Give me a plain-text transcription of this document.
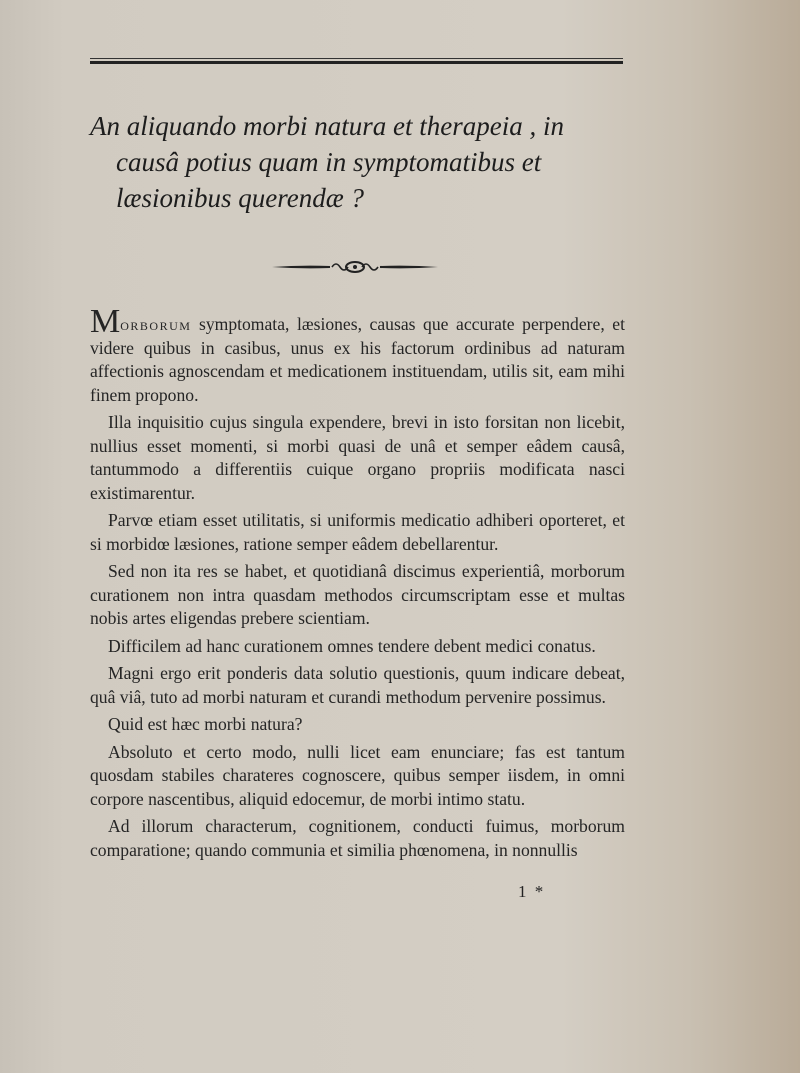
An aliquando morbi natura et therapeia , in
causâ potius quam in symptomatibus et
læsionibus querendæ ?

Morborum symptomata, læsiones, causas que accurate perpendere, et videre quibus in casibus, unus ex his factorum ordinibus ad naturam affectionis agnoscendam et medicationem instituendam, utilis sit, eam mihi finem propono.

Illa inquisitio cujus singula expendere, brevi in isto forsitan non licebit, nullius esset momenti, si morbi quasi de unâ et semper eâdem causâ, tantummodo a differentiis cuique organo propriis modificata nasci existimarentur.

Parvœ etiam esset utilitatis, si uniformis medicatio adhiberi oporteret, et si morbidœ læsiones, ratione semper eâdem debellarentur.

Sed non ita res se habet, et quotidianâ discimus experientiâ, morborum curationem non intra quasdam methodos circumscriptam esse et multas nobis artes eligendas prebere scientiam.

Difficilem ad hanc curationem omnes tendere debent medici conatus.

Magni ergo erit ponderis data solutio questionis, quum indicare debeat, quâ viâ, tuto ad morbi naturam et curandi methodum pervenire possimus.

Quid est hæc morbi natura?

Absoluto et certo modo, nulli licet eam enunciare; fas est tantum quosdam stabiles charateres cognoscere, quibus semper iisdem, in omni corpore nascentibus, aliquid edocemur, de morbi intimo statu.

Ad illorum characterum, cognitionem, conducti fuimus, morborum comparatione; quando communia et similia phœnomena, in nonnullis

1 *
